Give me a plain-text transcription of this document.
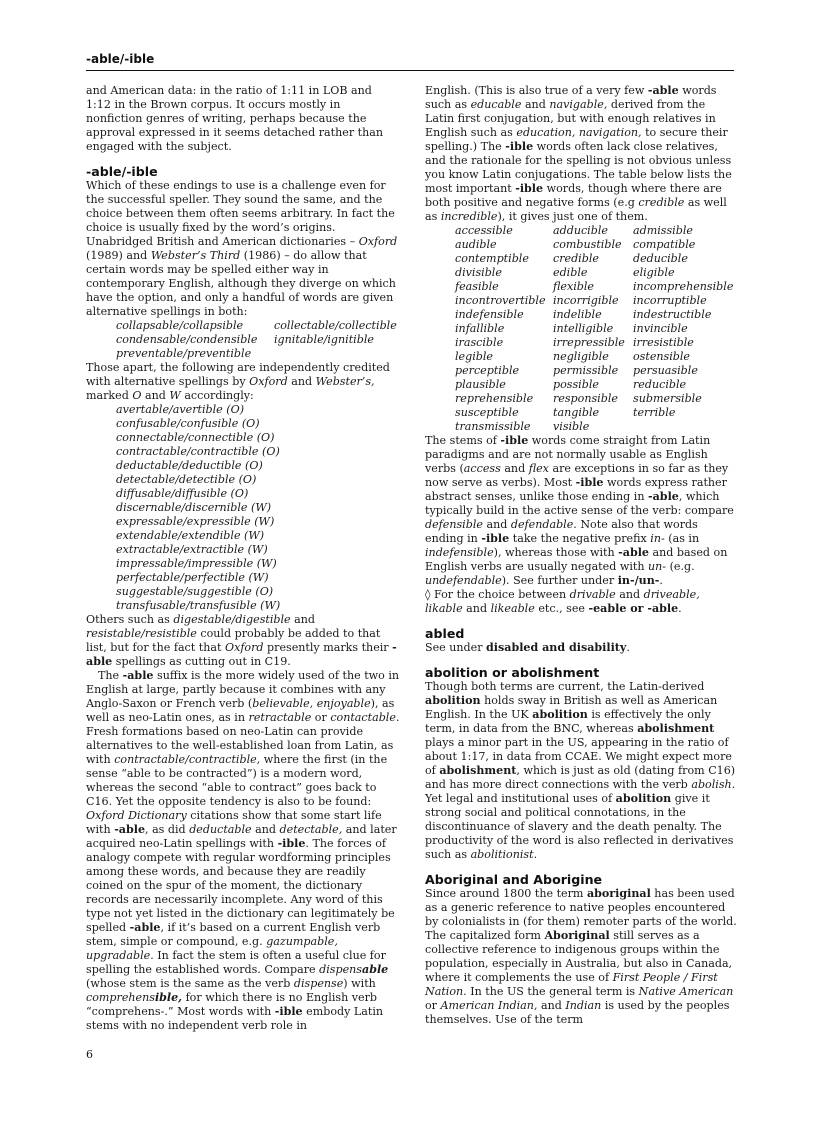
-able/-ible

and American data: in the ratio of 1:11 in LOB and 1:12 in the Brown corpus. It occurs mostly in nonfiction genres of writing, perhaps because the approval expressed in it seems detached rather than engaged with the subject.

-able/-ible

Which of these endings to use is a challenge even for the successful speller. They sound the same, and the choice between them often seems arbitrary. In fact the choice is usually fixed by the word’s origins. Unabridged British and American dictionaries – Oxford (1989) and Webster’s Third (1986) – do allow that certain words may be spelled either way in contemporary English, although they diverge on which have the option, and only a handful of words are given alternative spellings in both:

collapsable/collapsible	collectable/collectible
condensable/condensible	ignitable/ignitible
preventable/preventible

Those apart, the following are independently credited with alternative spellings by Oxford and Webster’s, marked O and W accordingly:

avertable/avertible (O)
confusable/confusible (O)
connectable/connectible (O)
contractable/contractible (O)
deductable/deductible (O)
detectable/detectible (O)
diffusable/diffusible (O)
discernable/discernible (W)
expressable/expressible (W)
extendable/extendible (W)
extractable/extractible (W)
impressable/impressible (W)
perfectable/perfectible (W)
suggestable/suggestible (O)
transfusable/transfusible (W)

Others such as digestable/digestible and resistable/resistible could probably be added to that list, but for the fact that Oxford presently marks their -able spellings as cutting out in C19.

The -able suffix is the more widely used of the two in English at large, partly because it combines with any Anglo-Saxon or French verb (believable, enjoyable), as well as neo-Latin ones, as in retractable or contactable. Fresh formations based on neo-Latin can provide alternatives to the well-established loan from Latin, as with contractable/contractible, where the first (in the sense “able to be contracted”) is a modern word, whereas the second “able to contract” goes back to C16. Yet the opposite tendency is also to be found: Oxford Dictionary citations show that some start life with -able, as did deductable and detectable, and later acquired neo-Latin spellings with -ible. The forces of analogy compete with regular wordforming principles among these words, and because they are readily coined on the spur of the moment, the dictionary records are necessarily incomplete. Any word of this type not yet listed in the dictionary can legitimately be spelled -able, if it’s based on a current English verb stem, simple or compound, e.g. gazumpable, upgradable. In fact the stem is often a useful clue for spelling the established words. Compare dispensable (whose stem is the same as the verb dispense) with comprehensible, for which there is no English verb “comprehens-.” Most words with -ible embody Latin stems with no independent verb role in

English. (This is also true of a very few -able words such as educable and navigable, derived from the Latin first conjugation, but with enough relatives in English such as education, navigation, to secure their spelling.) The -ible words often lack close relatives, and the rationale for the spelling is not obvious unless you know Latin conjugations. The table below lists the most important -ible words, though where there are both positive and negative forms (e.g credible as well as incredible), it gives just one of them.

accessible	adducible	admissible
audible	combustible	compatible
contemptible	credible	deducible
divisible	edible	eligible
feasible	flexible	incomprehensible
incontrovertible incorrigible	incorruptible
indefensible	indelible	indestructible
infallible	intelligible	invincible
irascible	irrepressible irresistible
legible	negligible	ostensible
perceptible	permissible	persuasible
plausible	possible	reducible
reprehensible	responsible	submersible
susceptible	tangible	terrible
transmissible	visible

The stems of -ible words come straight from Latin paradigms and are not normally usable as English verbs (access and flex are exceptions in so far as they now serve as verbs). Most -ible words express rather abstract senses, unlike those ending in -able, which typically build in the active sense of the verb: compare defensible and defendable. Note also that words ending in -ible take the negative prefix in- (as in indefensible), whereas those with -able and based on English verbs are usually negated with un- (e.g. undefendable). See further under in-/un-.

◊ For the choice between drivable and driveable, likable and likeable etc., see -eable or -able.

abled

See under disabled and disability.

abolition or abolishment

Though both terms are current, the Latin-derived abolition holds sway in British as well as American English. In the UK abolition is effectively the only term, in data from the BNC, whereas abolishment plays a minor part in the US, appearing in the ratio of about 1:17, in data from CCAE. We might expect more of abolishment, which is just as old (dating from C16) and has more direct connections with the verb abolish. Yet legal and institutional uses of abolition give it strong social and political connotations, in the discontinuance of slavery and the death penalty. The productivity of the word is also reflected in derivatives such as abolitionist.

Aboriginal and Aborigine

Since around 1800 the term aboriginal has been used as a generic reference to native peoples encountered by colonialists in (for them) remoter parts of the world. The capitalized form Aboriginal still serves as a collective reference to indigenous groups within the population, especially in Australia, but also in Canada, where it complements the use of First People / First Nation. In the US the general term is Native American or American Indian, and Indian is used by the peoples themselves. Use of the term

6
